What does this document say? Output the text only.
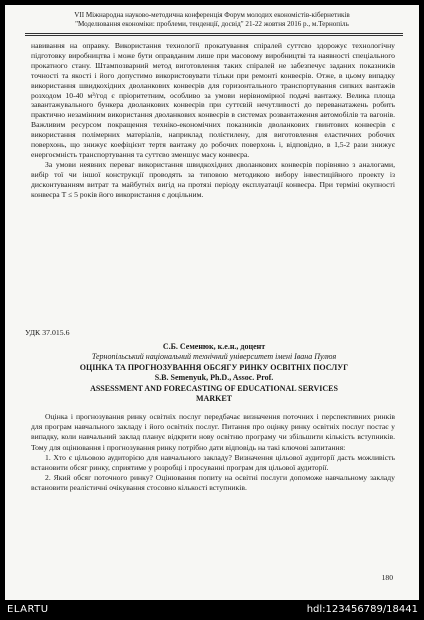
VII Міжнародна науково-методична конференція Форум молодих економістів-кібернетиків
"Моделювання економіки: проблеми, тенденції, досвід" 21-22 жовтня 2016 р., м.Тернопіль

навивання на оправку. Використання технології прокатування спіралей суттєво здорожує технологічну підготовку виробництва і може бути оправданим лише при масовому виробництві та наявності спеціального прокатного стану. Штампозварний метод виготовлення таких спіралей не забезпечує заданих показників точності та якості і його допустимо використовувати тільки при ремонті конвеєрів. Отже, в цьому випадку використання швидкохідних дволанкових конвеєрів для горизонтального транспортування сипких вантажів розходом 10-40 м³/год є пріоритетним, особливо за умови нерівномірної подачі вантажу. Велика площа завантажувального бункера дволанкових конвеєрів при суттєвій нечутливості до переванатажень робить практично незамінним використання дволанкових конвеєрів в системах розвантаження автомобілів та вагонів. Важливим ресурсом покращення техніко-економічних показників дволанкових гвинтових конвеєрів є використання полімерних матеріалів, наприклад полієтилену, для виготовлення еластичних робочих поверхонь, що знижує коефіцієнт тертя вантажу до робочих поверхонь і, відповідно, в 1,5-2 рази знижує енергоємність транспортування та суттєво зменшує масу конвеєра.

За умови неявних переваг використання швидкохідних дволанкових конвеєрів порівняно з аналогами, вибір тої чи іншої конструкції проводять за типовою методикою вибору інвестиційного проекту із дисконтуванням витрат та майбутніх вигід на протязі періоду експлуатації конвеєра. При терміні окупності конвеєра T ≤ 5 років його використання є доцільним.

УДК 37.015.6
С.Б. Семенюк, к.е.н., доцент
Тернопільський національний технічний університет імені Івана Пулюя
ОЦІНКА ТА ПРОГНОЗУВАННЯ ОБСЯГУ РИНКУ ОСВІТНІХ ПОСЛУГ
S.B. Semenyuk, Ph.D., Assoc. Prof.
ASSESSMENT AND FORECASTING OF EDUCATIONAL SERVICES
MARKET

Оцінка і прогнозування ринку освітніх послуг передбачає визначення поточних і перспективних ринків для програм навчального закладу і його освітніх послуг. Питання про оцінку ринку освітніх послуг постає у випадку, коли навчальний заклад планує відкрити нову освітню програму чи збільшити кількість вступників. Тому для оцінювання і прогнозування ринку потрібно дати відповідь на такі ключові запитання:

1. Хто є цільовою аудиторією для навчального закладу? Визначення цільової аудиторії дасть можливість встановити обсяг ринку, сприятиме у розробці і просуванні програм для цільової аудиторії.

2. Який обсяг поточного ринку? Оцінювання попиту на освітні послуги допоможе навчальному закладу встановити реалістичні очікування стосовно кількості вступників.

180
ELARTU	hdl:123456789/18441
